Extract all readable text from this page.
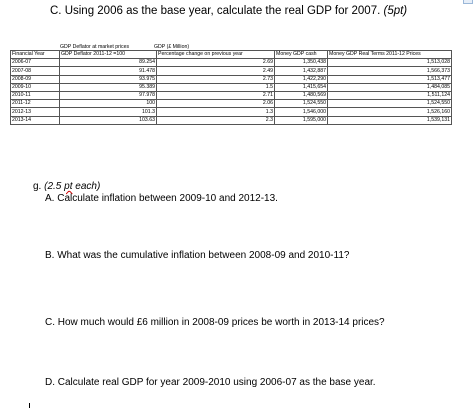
C. Using 2006 as the base year, calculate the real GDP for 2007. (5pt)
GDP Deflator at market prices	GDP (£ Million)
Financial Year	GDP Deflator 2011-12 =100	Percentage change on previous year	Money GDP cash	Money GDP Real Terms 2011-12 Prices
2006-07	89.254	2.69	1,350,438	1,513,028
2007-08	91.478	2.49	1,432,887	1,566,373
2008-09	93.975	2.73	1,422,290	1,513,477
2009-10	95.389	1.5	1,415,654	1,484,085
2010-11	97.978	2.71	1,480,569	1,511,124
2011-12	100	2.06	1,524,550	1,524,550
2012-13	101.3	1.3	1,546,000	1,526,160
2013-14	103.63	2.3	1,595,000	1,539,131
g. (2.5 pt each)
A. Calculate inflation between 2009-10 and 2012-13.
B. What was the cumulative inflation between 2008-09 and 2010-11?
C. How much would £6 million in 2008-09 prices be worth in 2013-14 prices?
D. Calculate real GDP for year 2009-2010 using 2006-07 as the base year.
